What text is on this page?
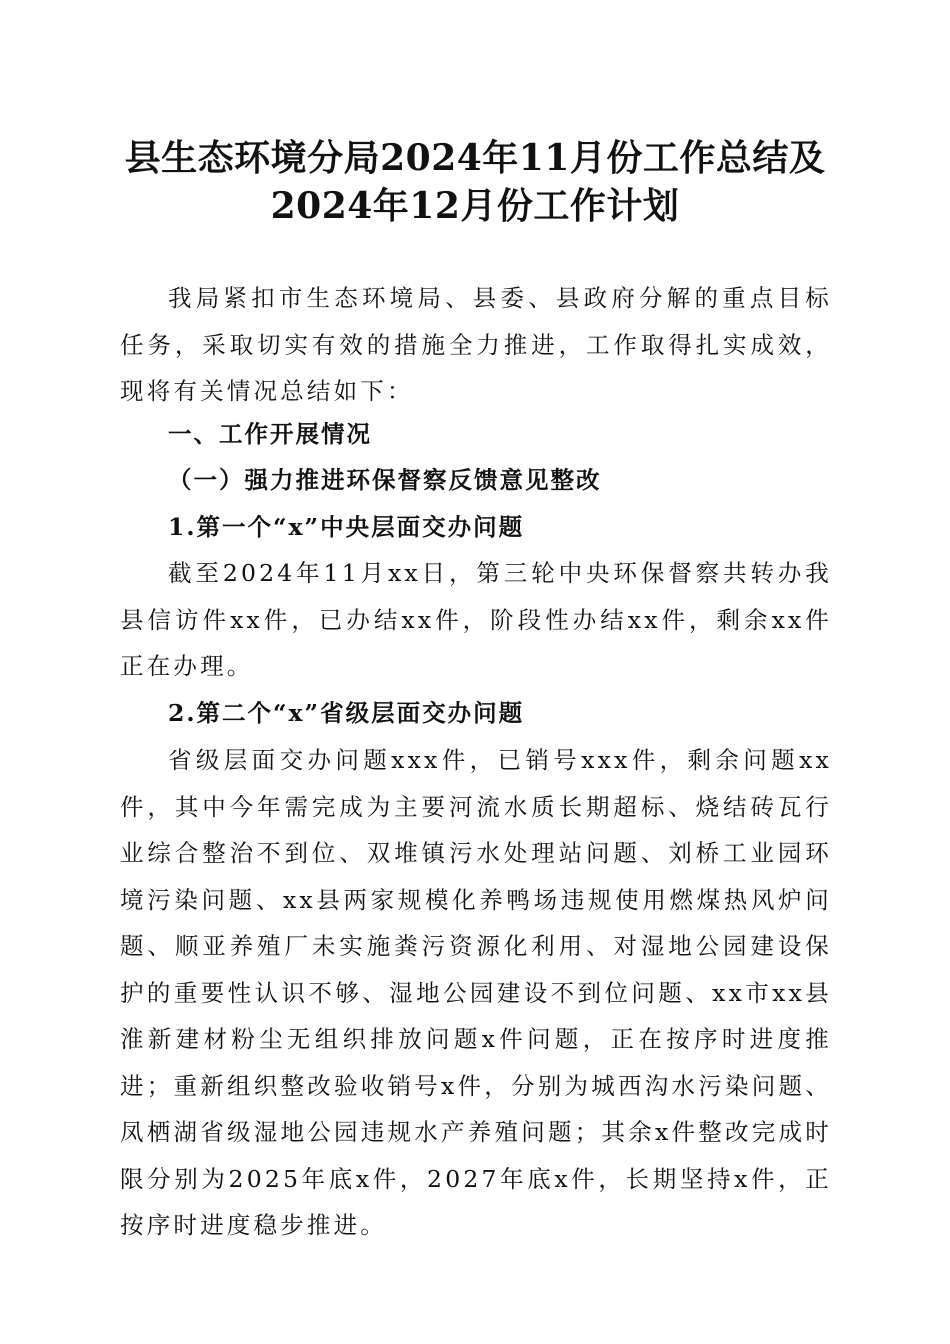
县生态环境分局2024年11月份工作总结及
2024年12月份工作计划

我局紧扣市生态环境局、县委、县政府分解的重点目标任务，采取切实有效的措施全力推进，工作取得扎实成效，现将有关情况总结如下：

一、工作开展情况
（一）强力推进环保督察反馈意见整改
1.第一个“x”中央层面交办问题

截至2024年11月xx日，第三轮中央环保督察共转办我县信访件xx件，已办结xx件，阶段性办结xx件，剩余xx件正在办理。

2.第二个“x”省级层面交办问题

省级层面交办问题xxx件，已销号xxx件，剩余问题xx件，其中今年需完成为主要河流水质长期超标、烧结砖瓦行业综合整治不到位、双堆镇污水处理站问题、刘桥工业园环境污染问题、xx县两家规模化养鸭场违规使用燃煤热风炉问题、顺亚养殖厂未实施粪污资源化利用、对湿地公园建设保护的重要性认识不够、湿地公园建设不到位问题、xx市xx县淮新建材粉尘无组织排放问题x件问题，正在按序时进度推进；重新组织整改验收销号x件，分别为城西沟水污染问题、凤栖湖省级湿地公园违规水产养殖问题；其余x件整改完成时限分别为2025年底x件，2027年底x件，长期坚持x件，正按序时进度稳步推进。
